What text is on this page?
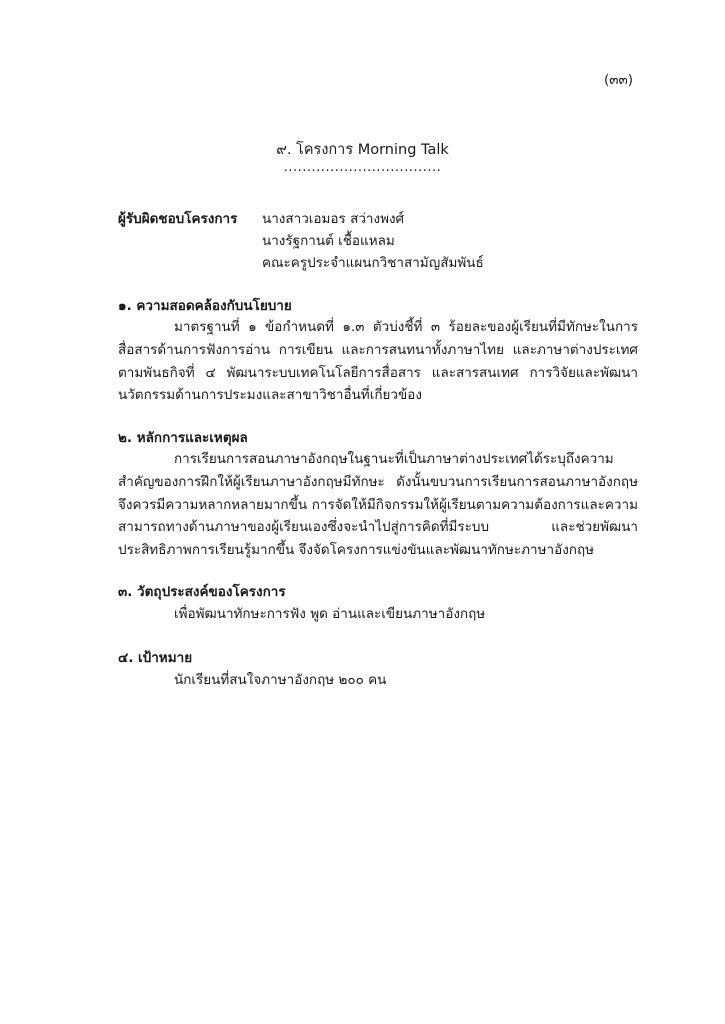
(๓๓)
๙. โครงการ Morning Talk
..................................
ผู้รับผิดชอบโครงการ นางสาวเอมอร สว่างพงศ์
นางรัฐกานต์ เชื้อแหลม
คณะครูประจำแผนกวิชาสามัญสัมพันธ์
๑. ความสอดคล้องกับนโยบาย

มาตรฐานที่ ๑ ข้อกำหนดที่ ๑.๓ ตัวบ่งชี้ที่ ๓ ร้อยละของผู้เรียนที่มีทักษะในการสื่อสารด้านการฟังการอ่าน การเขียน และการสนทนาทั้งภาษาไทย และภาษาต่างประเทศตามพันธกิจที่ ๔ พัฒนาระบบเทคโนโลยีการสื่อสาร และสารสนเทศ การวิจัยและพัฒนานวัตกรรมด้านการประมงและสาขาวิชาอื่นที่เกี่ยวข้อง

๒. หลักการและเหตุผล

การเรียนการสอนภาษาอังกฤษในฐานะที่เป็นภาษาต่างประเทศได้ระบุถึงความสำคัญของการฝึกให้ผู้เรียนภาษาอังกฤษมีทักษะ ดังนั้นขบวนการเรียนการสอนภาษาอังกฤษจึงควรมีความหลากหลายมากขึ้น การจัดให้มีกิจกรรมให้ผู้เรียนตามความต้องการและความสามารถทางด้านภาษาของผู้เรียนเองซึ่งจะนำไปสู่การคิดที่มีระบบ และช่วยพัฒนาประสิทธิภาพการเรียนรู้มากขึ้น จึงจัดโครงการแข่งขันและพัฒนาทักษะภาษาอังกฤษ

๓. วัตถุประสงค์ของโครงการ
เพื่อพัฒนาทักษะการฟัง พูด อ่านและเขียนภาษาอังกฤษ
๔. เป้าหมาย
นักเรียนที่สนใจภาษาอังกฤษ ๒๐๐ คน
